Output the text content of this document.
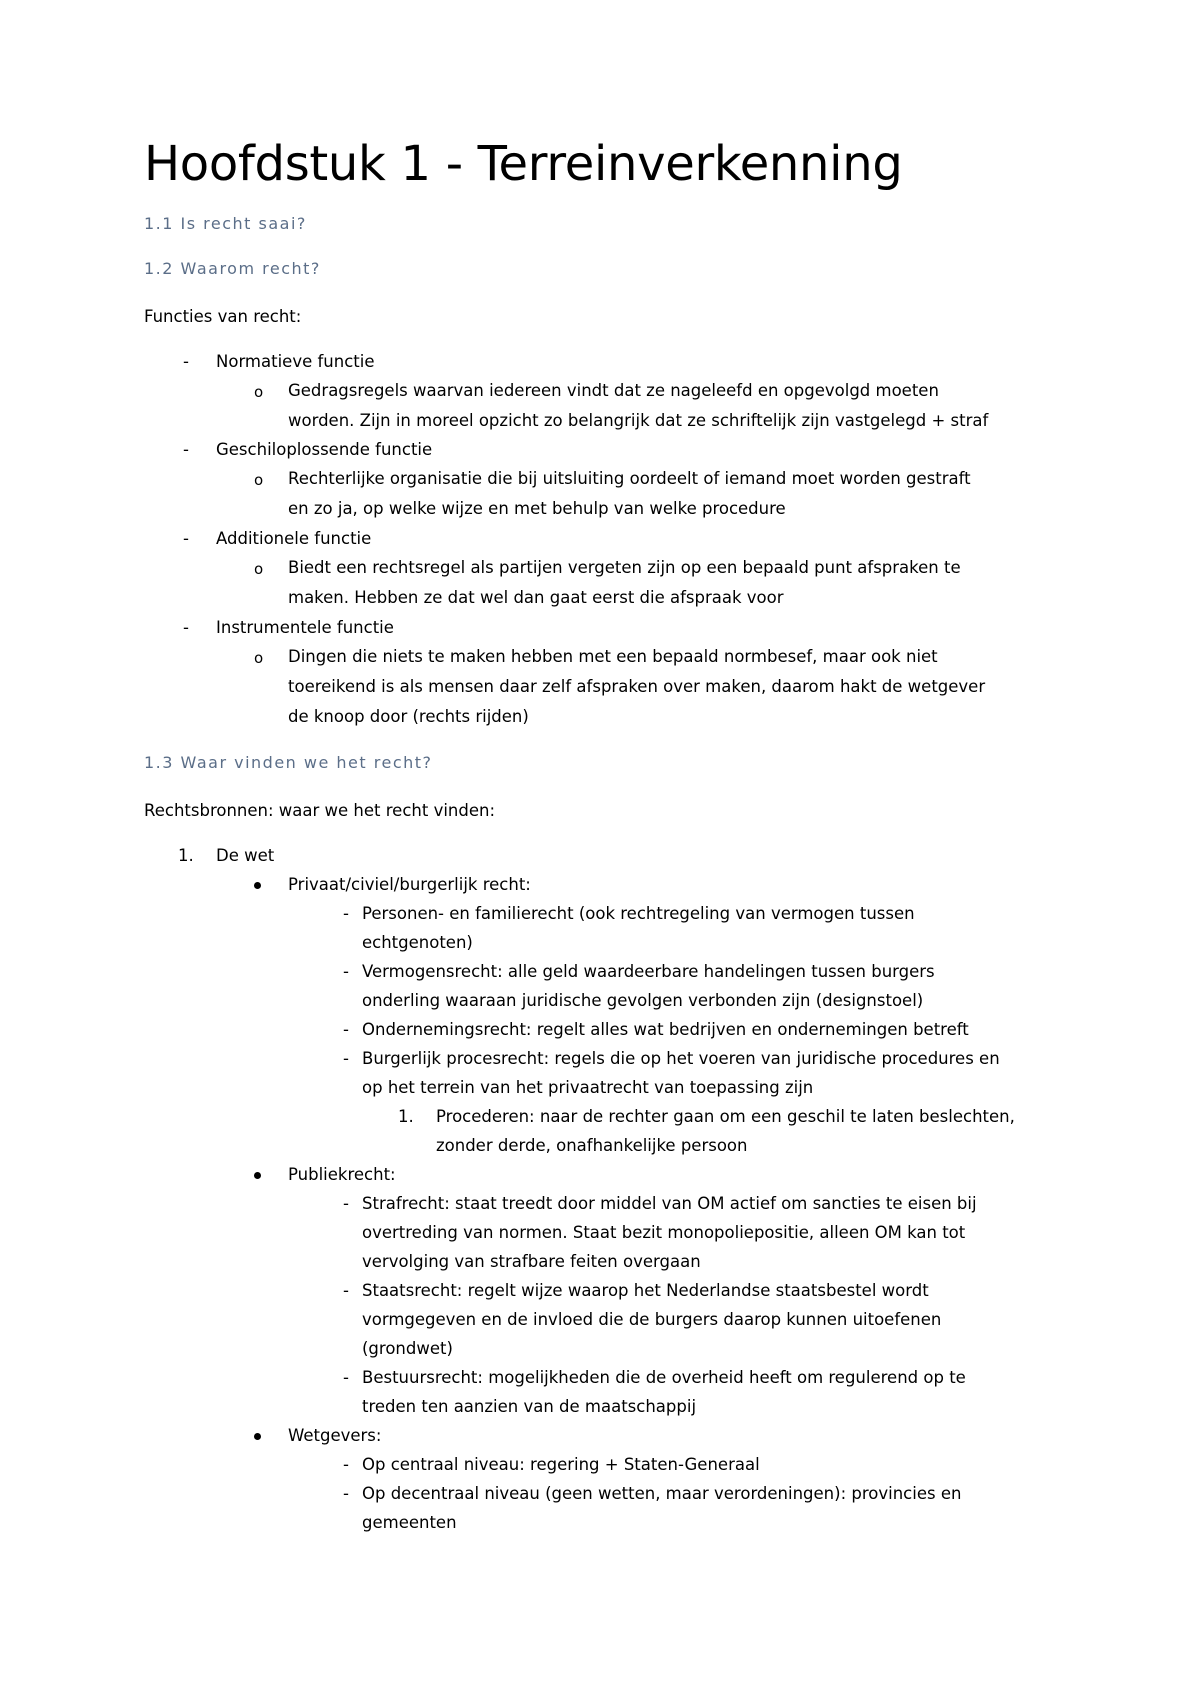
Hoofdstuk 1 - Terreinverkenning
1.1 Is recht saai?
1.2 Waarom recht?
Functies van recht:
- Normatieve functie
o Gedragsregels waarvan iedereen vindt dat ze nageleefd en opgevolgd moeten
worden. Zijn in moreel opzicht zo belangrijk dat ze schriftelijk zijn vastgelegd + straf
- Geschiloplossende functie
o Rechterlijke organisatie die bij uitsluiting oordeelt of iemand moet worden gestraft
en zo ja, op welke wijze en met behulp van welke procedure
- Additionele functie
o Biedt een rechtsregel als partijen vergeten zijn op een bepaald punt afspraken te
maken. Hebben ze dat wel dan gaat eerst die afspraak voor
- Instrumentele functie
o Dingen die niets te maken hebben met een bepaald normbesef, maar ook niet
toereikend is als mensen daar zelf afspraken over maken, daarom hakt de wetgever
de knoop door (rechts rijden)
1.3 Waar vinden we het recht?
Rechtsbronnen: waar we het recht vinden:
1. De wet
Privaat/civiel/burgerlijk recht:
- Personen- en familierecht (ook rechtregeling van vermogen tussen
echtgenoten)
- Vermogensrecht: alle geld waardeerbare handelingen tussen burgers
onderling waaraan juridische gevolgen verbonden zijn (designstoel)
- Ondernemingsrecht: regelt alles wat bedrijven en ondernemingen betreft
- Burgerlijk procesrecht: regels die op het voeren van juridische procedures en
op het terrein van het privaatrecht van toepassing zijn
1. Procederen: naar de rechter gaan om een geschil te laten beslechten,
zonder derde, onafhankelijke persoon
Publiekrecht:
- Strafrecht: staat treedt door middel van OM actief om sancties te eisen bij
overtreding van normen. Staat bezit monopoliepositie, alleen OM kan tot
vervolging van strafbare feiten overgaan
- Staatsrecht: regelt wijze waarop het Nederlandse staatsbestel wordt
vormgegeven en de invloed die de burgers daarop kunnen uitoefenen
(grondwet)
- Bestuursrecht: mogelijkheden die de overheid heeft om regulerend op te
treden ten aanzien van de maatschappij
Wetgevers:
- Op centraal niveau: regering + Staten-Generaal
- Op decentraal niveau (geen wetten, maar verordeningen): provincies en
gemeenten
